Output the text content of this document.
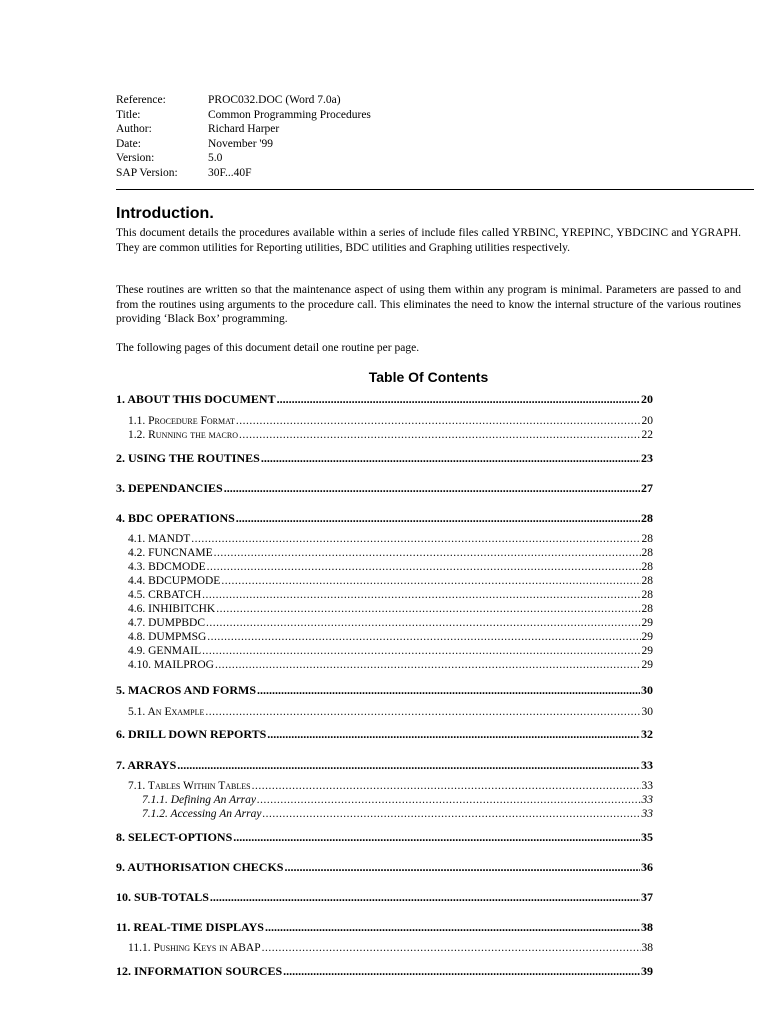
Reference:	PROC032.DOC (Word 7.0a)
Title:	Common Programming Procedures
Author:	Richard Harper
Date:	November '99
Version:	5.0
SAP Version:	30F...40F
Introduction.
This document details the procedures available within a series of include files called YRBINC, YREPINC, YBDCINC and YGRAPH. They are common utilities for Reporting utilities, BDC utilities and Graphing utilities respectively.
These routines are written so that the maintenance aspect of using them within any program is minimal. Parameters are passed to and from the routines using arguments to the procedure call. This eliminates the need to know the internal structure of the various routines providing ‘Black Box’ programming.
The following pages of this document detail one routine per page.
Table Of Contents
1. ABOUT THIS DOCUMENT .....	20
1.1. Procedure Format .....	20
1.2. Running the macro .....	22
2. USING THE ROUTINES .....	23
3. DEPENDANCIES .....	27
4. BDC OPERATIONS .....	28
4.1. MANDT .....	28
4.2. FUNCNAME .....	28
4.3. BDCMODE .....	28
4.4. BDCUPMODE .....	28
4.5. CRBATCH .....	28
4.6. INHIBITCHK .....	28
4.7. DUMPBDC .....	29
4.8. DUMPMSG .....	29
4.9. GENMAIL .....	29
4.10. MAILPROG .....	29
5. MACROS AND FORMS .....	30
5.1. An Example .....	30
6. DRILL DOWN REPORTS .....	32
7. ARRAYS .....	33
7.1. Tables Within Tables .....	33
7.1.1. Defining An Array .....	33
7.1.2. Accessing An Array .....	33
8. SELECT-OPTIONS .....	35
9. AUTHORISATION CHECKS .....	36
10. SUB-TOTALS .....	37
11. REAL-TIME DISPLAYS .....	38
11.1. Pushing Keys in ABAP .....	38
12. INFORMATION SOURCES .....	39
